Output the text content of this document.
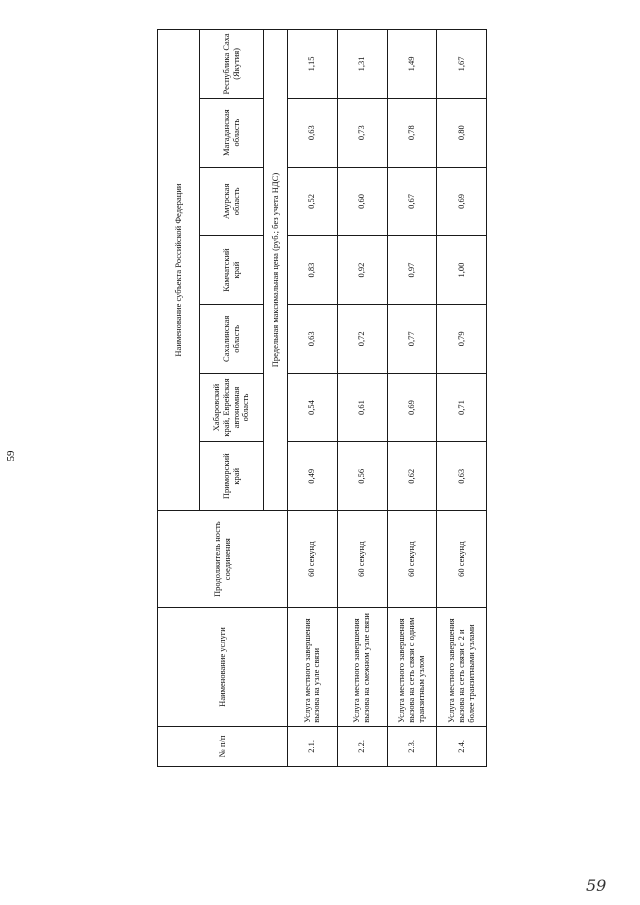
59
№ п/п	Наименование услуги	Продолжитель ность соединения	Наименование субъекта Российской Федерации						
			Приморский край	Хабаровский край, Еврейская автономная область	Сахалинская область	Камчатский край	Амурская область	Магаданская область	Республика Саха (Якутия)
			Предельная максимальная цена (руб.; без учета НДС)						
2.1.	Услуга местного завершения вызова на узле связи	60 секунд	0,49	0,54	0,63	0,83	0,52	0,63	1,15
2.2.	Услуга местного завершения вызова на смежном узле связи	60 секунд	0,56	0,61	0,72	0,92	0,60	0,73	1,31
2.3.	Услуга местного завершения вызова на сеть связи с одним транзитным узлом	60 секунд	0,62	0,69	0,77	0,97	0,67	0,78	1,49
2.4.	Услуга местного завершения вызова на сеть связи с 2 и более транзитными узлами	60 секунд	0,63	0,71	0,79	1,00	0,69	0,80	1,67
59
